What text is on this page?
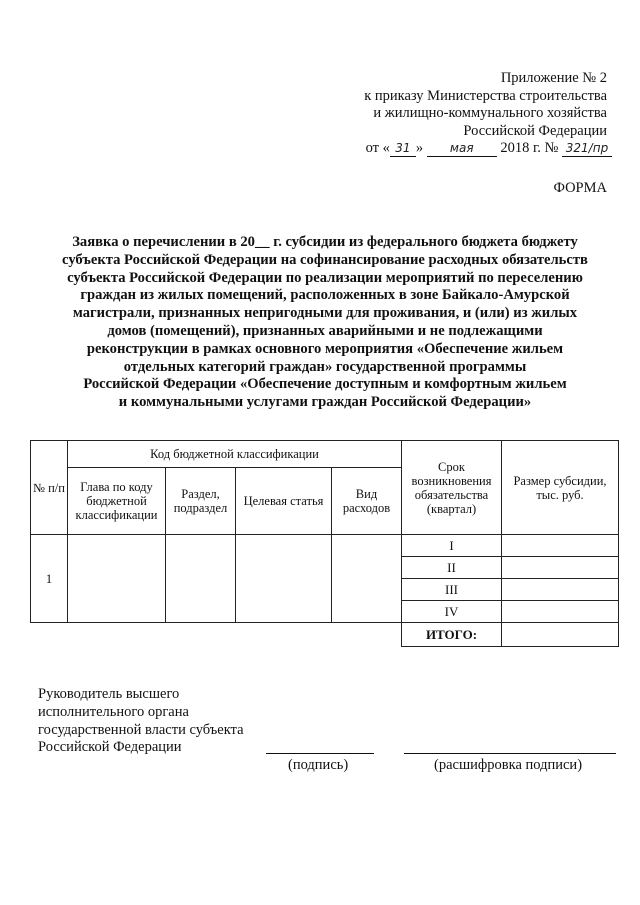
Приложение № 2
к приказу Министерства строительства
и жилищно-коммунального хозяйства
Российской Федерации
от « 31 » мая 2018 г. № 321/пр
ФОРМА
Заявка о перечислении в 20__ г. субсидии из федерального бюджета бюджету
субъекта Российской Федерации на софинансирование расходных обязательств
субъекта Российской Федерации по реализации мероприятий по переселению
граждан из жилых помещений, расположенных в зоне Байкало-Амурской
магистрали, признанных непригодными для проживания, и (или) из жилых
домов (помещений), признанных аварийными и не подлежащими
реконструкции в рамках основного мероприятия «Обеспечение жильем
отдельных категорий граждан» государственной программы
Российской Федерации «Обеспечение доступным и комфортным жильем
и коммунальными услугами граждан Российской Федерации»
№ п/п	Код бюджетной классификации				Срок возникновения обязательства (квартал)	Размер субсидии, тыс. руб.
	Глава по коду бюджетной классификации	Раздел, подраздел	Целевая статья	Вид расходов		
1					I	
					II	
					III	
					IV	
					ИТОГО:	
Руководитель высшего
исполнительного органа
государственной власти субъекта
Российской Федерации
(подпись)	(расшифровка подписи)
